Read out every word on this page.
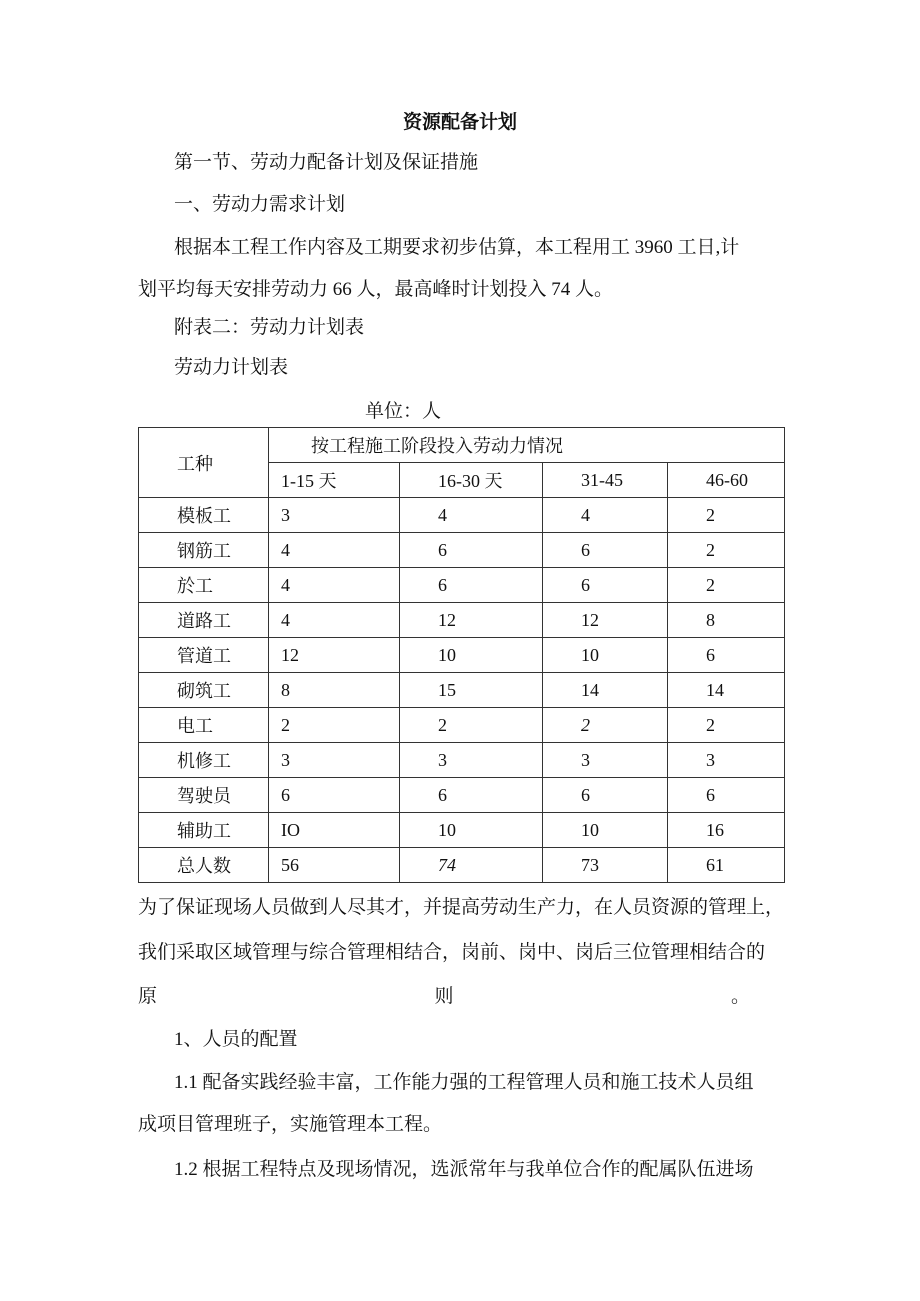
资源配备计划
第一节、劳动力配备计划及保证措施
一、劳动力需求计划
根据本工程工作内容及工期要求初步估算，本工程用工 3960 工日,计
划平均每天安排劳动力 66 人，最高峰时计划投入 74 人。
附表二：劳动力计划表
劳动力计划表
单位：人
工种	按工程施工阶段投入劳动力情况			
	1-15 天	16-30 天	31-45	46-60
模板工	3	4	4	2
钢筋工	4	6	6	2
於工	4	6	6	2
道路工	4	12	12	8
管道工	12	10	10	6
砌筑工	8	15	14	14
电工	2	2	2	2
机修工	3	3	3	3
驾驶员	6	6	6	6
辅助工	IO	10	10	16
总人数	56	74	73	61
为了保证现场人员做到人尽其才，并提高劳动生产力，在人员资源的管理上，
我们采取区域管理与综合管理相结合，岗前、岗中、岗后三位管理相结合的
原	则	。
1、人员的配置
1.1 配备实践经验丰富，工作能力强的工程管理人员和施工技术人员组
成项目管理班子，实施管理本工程。
1.2 根据工程特点及现场情况，选派常年与我单位合作的配属队伍进场
